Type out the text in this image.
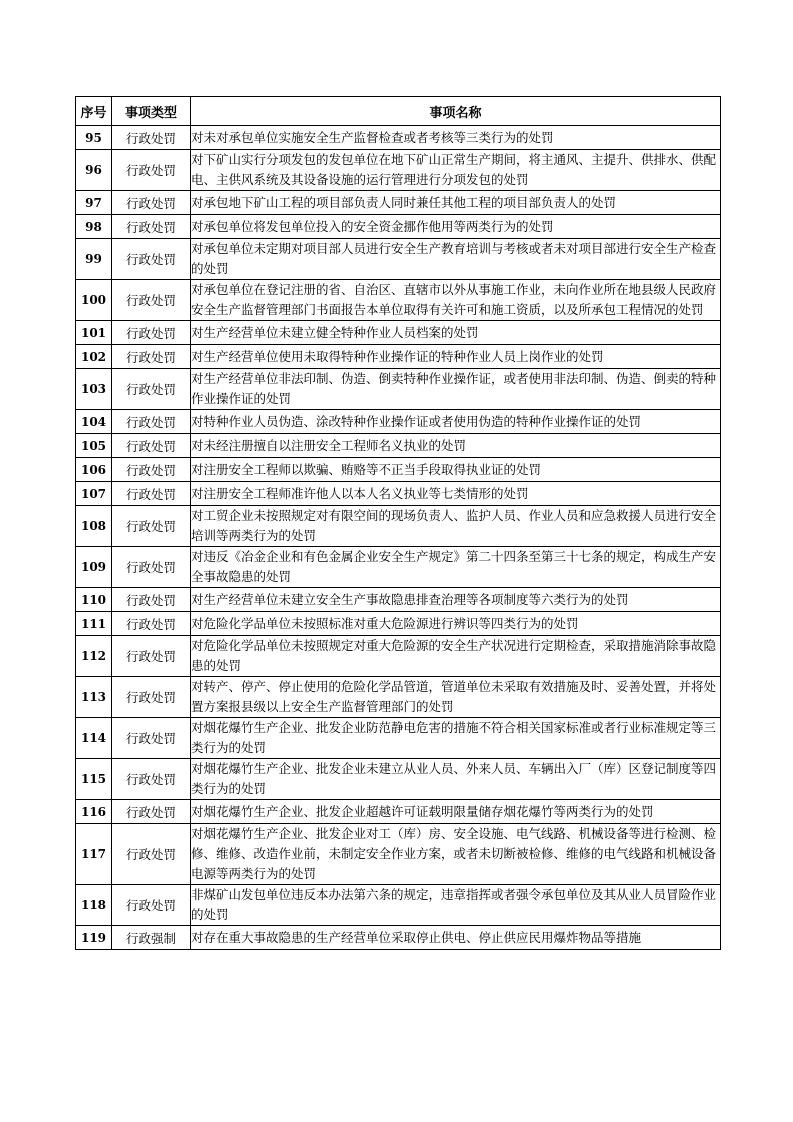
序号	事项类型	事项名称
95	行政处罚	对未对承包单位实施安全生产监督检查或者考核等三类行为的处罚
96	行政处罚	对下矿山实行分项发包的发包单位在地下矿山正常生产期间，将主通风、主提升、供排水、供配电、主供风系统及其设备设施的运行管理进行分项发包的处罚
97	行政处罚	对承包地下矿山工程的项目部负责人同时兼任其他工程的项目部负责人的处罚
98	行政处罚	对承包单位将发包单位投入的安全资金挪作他用等两类行为的处罚
99	行政处罚	对承包单位未定期对项目部人员进行安全生产教育培训与考核或者未对项目部进行安全生产检查的处罚
100	行政处罚	对承包单位在登记注册的省、自治区、直辖市以外从事施工作业，未向作业所在地县级人民政府安全生产监督管理部门书面报告本单位取得有关许可和施工资质，以及所承包工程情况的处罚
101	行政处罚	对生产经营单位未建立健全特种作业人员档案的处罚
102	行政处罚	对生产经营单位使用未取得特种作业操作证的特种作业人员上岗作业的处罚
103	行政处罚	对生产经营单位非法印制、伪造、倒卖特种作业操作证，或者使用非法印制、伪造、倒卖的特种作业操作证的处罚
104	行政处罚	对特种作业人员伪造、涂改特种作业操作证或者使用伪造的特种作业操作证的处罚
105	行政处罚	对未经注册擅自以注册安全工程师名义执业的处罚
106	行政处罚	对注册安全工程师以欺骗、贿赂等不正当手段取得执业证的处罚
107	行政处罚	对注册安全工程师准许他人以本人名义执业等七类情形的处罚
108	行政处罚	对工贸企业未按照规定对有限空间的现场负责人、监护人员、作业人员和应急救援人员进行安全培训等两类行为的处罚
109	行政处罚	对违反《冶金企业和有色金属企业安全生产规定》第二十四条至第三十七条的规定，构成生产安全事故隐患的处罚
110	行政处罚	对生产经营单位未建立安全生产事故隐患排查治理等各项制度等六类行为的处罚
111	行政处罚	对危险化学品单位未按照标准对重大危险源进行辨识等四类行为的处罚
112	行政处罚	对危险化学品单位未按照规定对重大危险源的安全生产状况进行定期检查，采取措施消除事故隐患的处罚
113	行政处罚	对转产、停产、停止使用的危险化学品管道，管道单位未采取有效措施及时、妥善处置，并将处置方案报县级以上安全生产监督管理部门的处罚
114	行政处罚	对烟花爆竹生产企业、批发企业防范静电危害的措施不符合相关国家标准或者行业标准规定等三类行为的处罚
115	行政处罚	对烟花爆竹生产企业、批发企业未建立从业人员、外来人员、车辆出入厂（库）区登记制度等四类行为的处罚
116	行政处罚	对烟花爆竹生产企业、批发企业超越许可证载明限量储存烟花爆竹等两类行为的处罚
117	行政处罚	对烟花爆竹生产企业、批发企业对工（库）房、安全设施、电气线路、机械设备等进行检测、检修、维修、改造作业前，未制定安全作业方案，或者未切断被检修、维修的电气线路和机械设备电源等两类行为的处罚
118	行政处罚	非煤矿山发包单位违反本办法第六条的规定，违章指挥或者强令承包单位及其从业人员冒险作业的处罚
119	行政强制	对存在重大事故隐患的生产经营单位采取停止供电、停止供应民用爆炸物品等措施
